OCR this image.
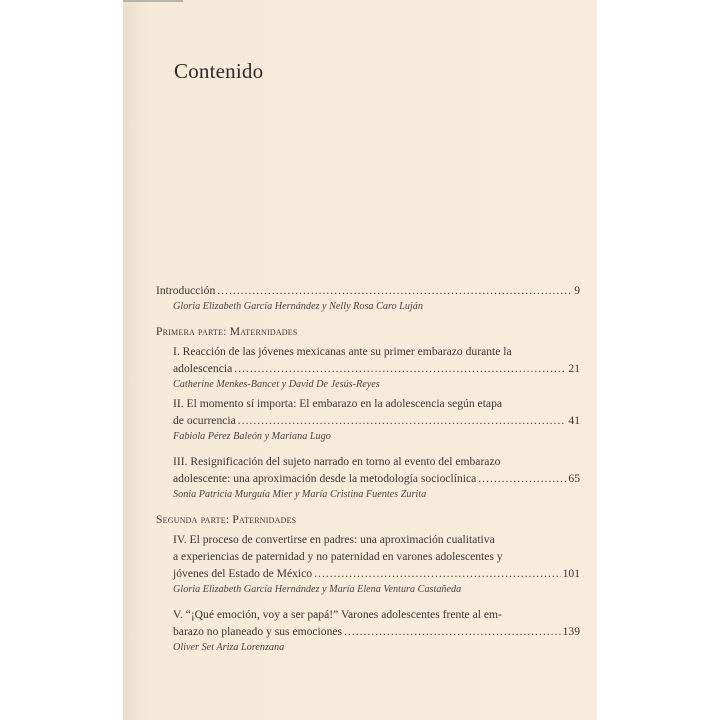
Contenido
Introducción .....	9
Gloria Elizabeth García Hernández y Nelly Rosa Caro Luján
Primera parte: Maternidades
I. Reacción de las jóvenes mexicanas ante su primer embarazo durante la
adolescencia .....	21
Catherine Menkes-Bancet y David De Jesús-Reyes
II. El momento sí importa: El embarazo en la adolescencia según etapa
de ocurrencia .....	41
Fabiola Pérez Baleón y Mariana Lugo
III. Resignificación del sujeto narrado en torno al evento del embarazo
adolescente: una aproximación desde la metodología socioclínica .....	65
Sonia Patricia Murguía Mier y María Cristina Fuentes Zurita
Segunda parte: Paternidades
IV. El proceso de convertirse en padres: una aproximación cualitativa
a experiencias de paternidad y no paternidad en varones adolescentes y
jóvenes del Estado de México .....	101
Gloria Elizabeth García Hernández y María Elena Ventura Castañeda
V. “¡Qué emoción, voy a ser papá!” Varones adolescentes frente al em-
barazo no planeado y sus emociones .....	139
Oliver Set Ariza Lorenzana
